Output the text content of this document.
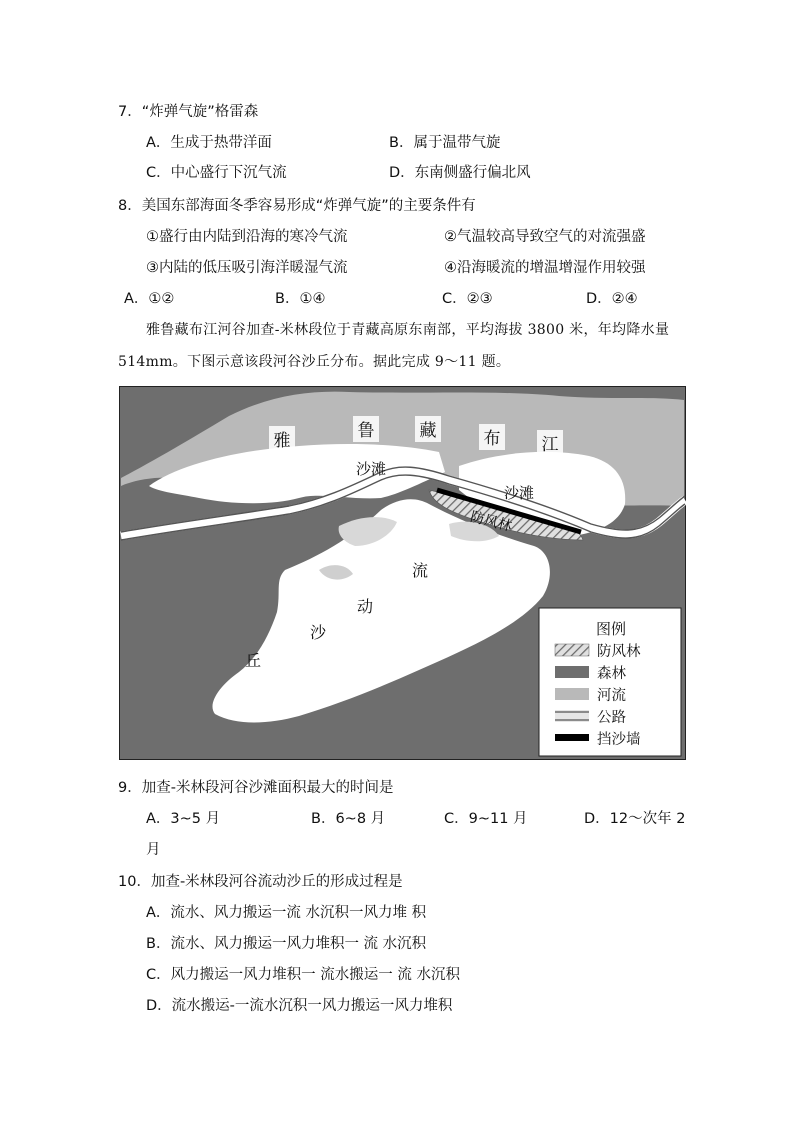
7．“炸弹气旋”格雷森
A．生成于热带洋面	B．属于温带气旋
C．中心盛行下沉气流	D．东南侧盛行偏北风
8．美国东部海面冬季容易形成“炸弹气旋”的主要条件有
①盛行由内陆到沿海的寒冷气流	②气温较高导致空气的对流强盛
③内陆的低压吸引海洋暖湿气流	④沿海暖流的增温增湿作用较强
A．①②	B．①④	C．②③	D．②④
雅鲁藏布江河谷加查-米林段位于青藏高原东南部，平均海拔 3800 米，年均降水量
514mm。下图示意该段河谷沙丘分布。据此完成 9～11 题。
雅	鲁	藏	布 江
沙滩
沙滩
防风林
流
动
沙
丘
图例
防风林
森林
河流
公路
挡沙墙
9．加查-米林段河谷沙滩面积最大的时间是
A．3~5 月	B．6~8 月	C．9~11 月	D．12～次年 2
月
10．加查-米林段河谷流动沙丘的形成过程是
A．流水、风力搬运一流 水沉积一风力堆 积
B．流水、风力搬运一风力堆积一 流 水沉积
C．风力搬运一风力堆积一 流水搬运一 流 水沉积
D．流水搬运-一流水沉积一风力搬运一风力堆积
